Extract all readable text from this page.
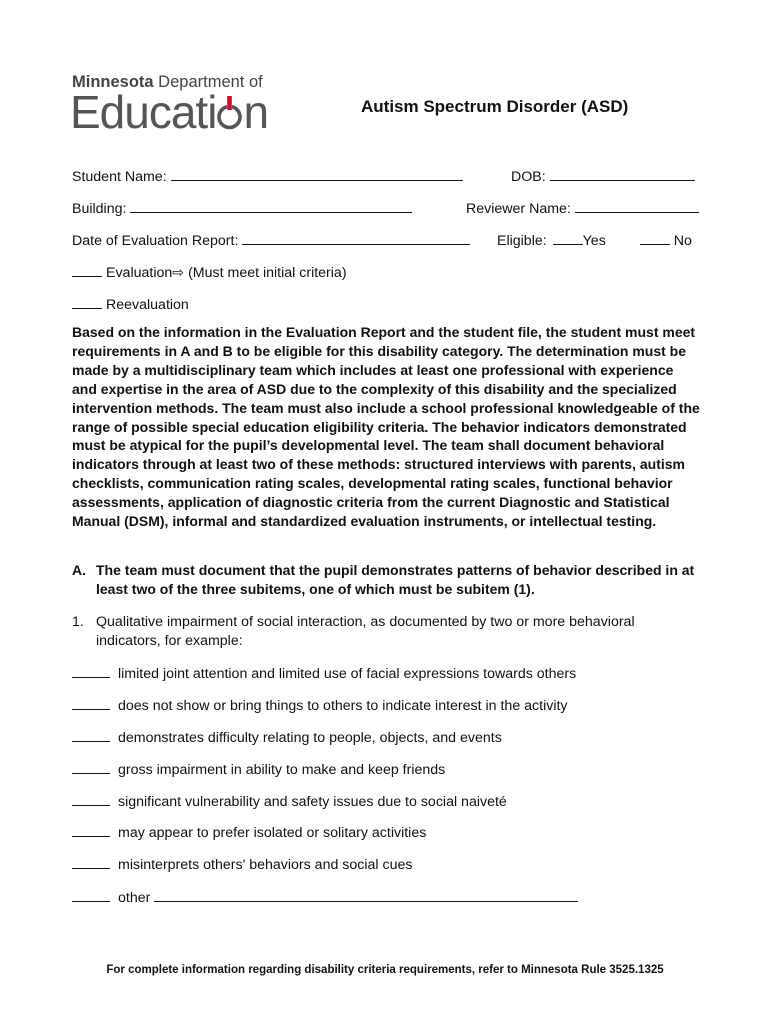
Minnesota Department of
Educati n	Autism Spectrum Disorder (ASD)
Student Name:	DOB:
Building:	Reviewer Name:
Date of Evaluation Report:	Eligible:	Yes	No
Evaluation⇨ (Must meet initial criteria)
Reevaluation
Based on the information in the Evaluation Report and the student file, the student must meet requirements in A and B to be eligible for this disability category. The determination must be made by a multidisciplinary team which includes at least one professional with experience and expertise in the area of ASD due to the complexity of this disability and the specialized intervention methods. The team must also include a school professional knowledgeable of the range of possible special education eligibility criteria. The behavior indicators demonstrated must be atypical for the pupil’s developmental level. The team shall document behavioral indicators through at least two of these methods: structured interviews with parents, autism checklists, communication rating scales, developmental rating scales, functional behavior assessments, application of diagnostic criteria from the current Diagnostic and Statistical Manual (DSM), informal and standardized evaluation instruments, or intellectual testing.
A. The team must document that the pupil demonstrates patterns of behavior described in at least two of the three subitems, one of which must be subitem (1).
1. Qualitative impairment of social interaction, as documented by two or more behavioral indicators, for example:
limited joint attention and limited use of facial expressions towards others
does not show or bring things to others to indicate interest in the activity
demonstrates difficulty relating to people, objects, and events
gross impairment in ability to make and keep friends
significant vulnerability and safety issues due to social naiveté
may appear to prefer isolated or solitary activities
misinterprets others' behaviors and social cues
other
For complete information regarding disability criteria requirements, refer to Minnesota Rule 3525.1325
